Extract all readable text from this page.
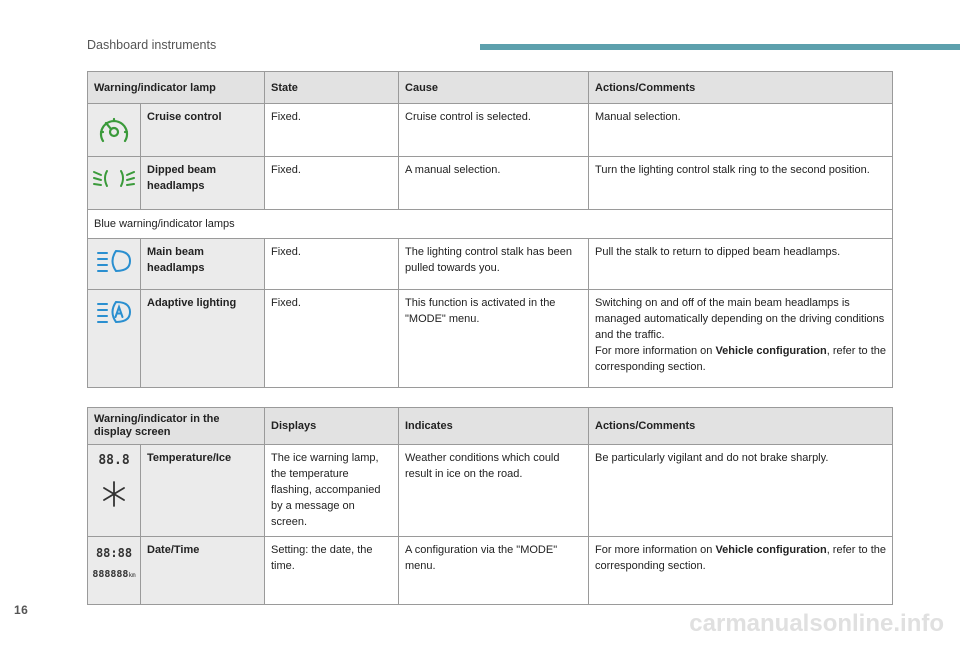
Dashboard instruments
Warning/indicator lamp		State	Cause	Actions/Comments
	Cruise control	Fixed.	Cruise control is selected.	Manual selection.
	Dipped beam headlamps	Fixed.	A manual selection.	Turn the lighting control stalk ring to the second position.
Blue warning/indicator lamps				
	Main beam headlamps	Fixed.	The lighting control stalk has been pulled towards you.	Pull the stalk to return to dipped beam headlamps.
	Adaptive lighting	Fixed.	This function is activated in the "MODE" menu.	Switching on and off of the main beam headlamps is managed automatically depending on the driving conditions and the traffic.
For more information on Vehicle configuration, refer to the corresponding section.
Warning/indicator in the display screen		Displays	Indicates	Actions/Comments

88.8	Temperature/Ice	The ice warning lamp, the temperature flashing, accompanied by a message on screen.	Weather conditions which could result in ice on the road.	Be particularly vigilant and do not brake sharply.

88:88
888888km	Date/Time	Setting: the date, the time.	A configuration via the "MODE" menu.	For more information on Vehicle configuration, refer to the corresponding section.
16	carmanualsonline.info
